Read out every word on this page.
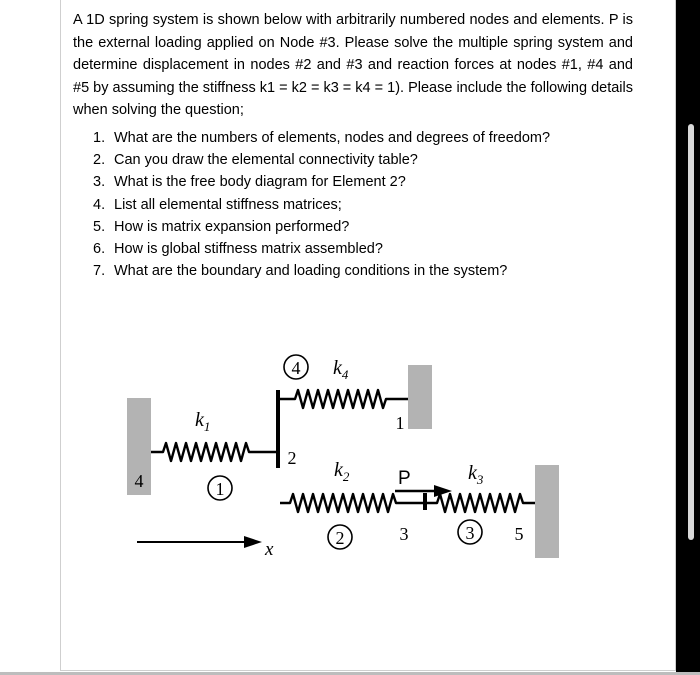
A 1D spring system is shown below with arbitrarily numbered nodes and elements. P is the external loading applied on Node #3. Please solve the multiple spring system and determine displacement in nodes #2 and #3 and reaction forces at nodes #1, #4 and #5 by assuming the stiffness k1 = k2 = k3 = k4 = 1). Please include the following details when solving the question;
1. What are the numbers of elements, nodes and degrees of freedom?
2. Can you draw the elemental connectivity table?
3. What is the free body diagram for Element 2?
4. List all elemental stiffness matrices;
5. How is matrix expansion performed?
6. How is global stiffness matrix assembled?
7. What are the boundary and loading conditions in the system?
4
1
2	3
4
1
2
3	5
$k_1$
$k_4$
$k_2$	$k_3$
P
x
